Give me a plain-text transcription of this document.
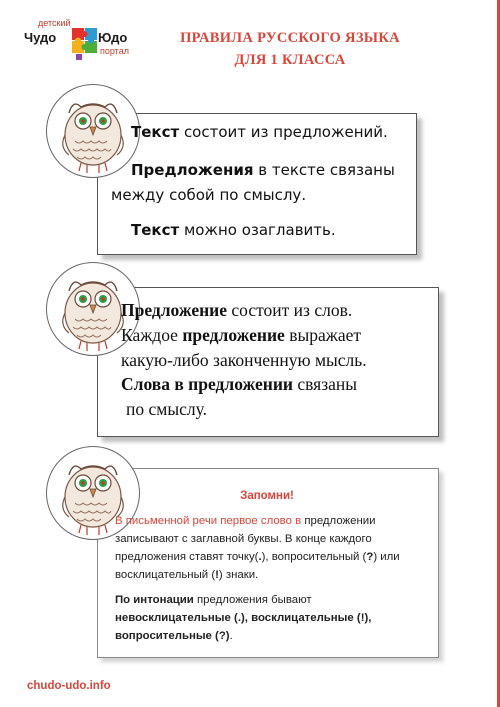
детский
Чудо	Юдо
портал
ПРАВИЛА РУССКОГО ЯЗЫКА
ДЛЯ 1 КЛАССА
Текст состоит из предложений.
Предложения в тексте связаны
между собой по смыслу.
Текст можно озаглавить.
Предложение состоит из слов.
Каждое предложение выражает
какую-либо законченную мысль.
Слова в предложении связаны
по смыслу.
Запомни!
В письменной речи первое слово в предложении
записывают с заглавной буквы. В конце каждого
предложения ставят точку(.), вопросительный (?) или
восклицательный (!) знаки.
По интонации предложения бывают
невосклицательные (.), восклицательные (!),
вопросительные (?).
chudo-udo.info
